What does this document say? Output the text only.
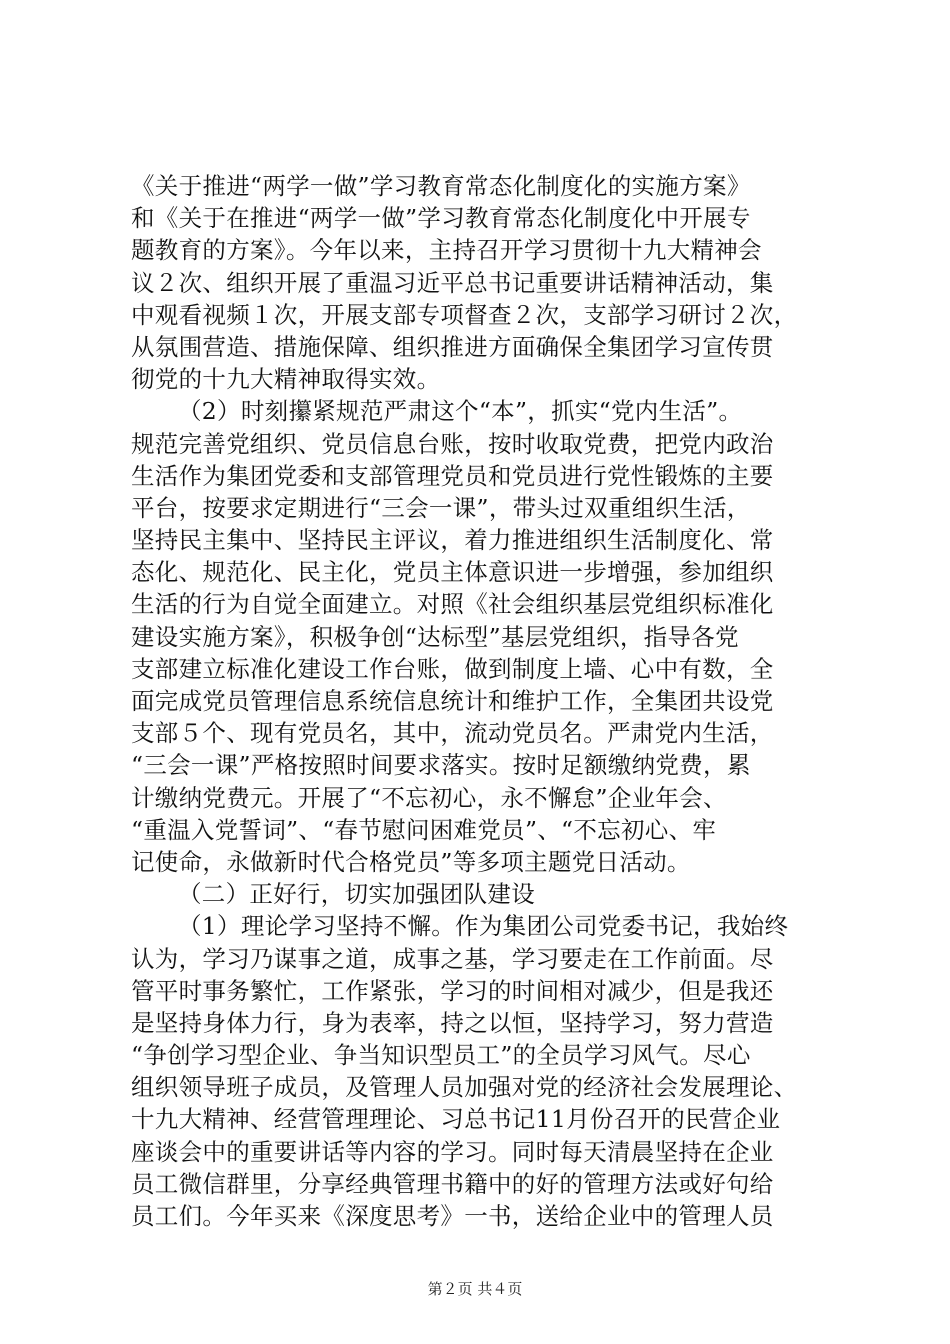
《关于推进“两学一做”学习教育常态化制度化的实施方案》
和《关于在推进“两学一做”学习教育常态化制度化中开展专
题教育的方案》。今年以来，主持召开学习贯彻十九大精神会
议２次、组织开展了重温习近平总书记重要讲话精神活动，集
中观看视频１次，开展支部专项督查２次，支部学习研讨２次，
从氛围营造、措施保障、组织推进方面确保全集团学习宣传贯
彻党的十九大精神取得实效。
（2）时刻攥紧规范严肃这个“本”，抓实“党内生活”。
规范完善党组织、党员信息台账，按时收取党费，把党内政治
生活作为集团党委和支部管理党员和党员进行党性锻炼的主要
平台，按要求定期进行“三会一课”，带头过双重组织生活，
坚持民主集中、坚持民主评议，着力推进组织生活制度化、常
态化、规范化、民主化，党员主体意识进一步增强，参加组织
生活的行为自觉全面建立。对照《社会组织基层党组织标准化
建设实施方案》，积极争创“达标型”基层党组织，指导各党
支部建立标准化建设工作台账，做到制度上墙、心中有数，全
面完成党员管理信息系统信息统计和维护工作，全集团共设党
支部５个、现有党员名，其中，流动党员名。严肃党内生活，
“三会一课”严格按照时间要求落实。按时足额缴纳党费，累
计缴纳党费元。开展了“不忘初心，永不懈怠”企业年会、
“重温入党誓词”、“春节慰问困难党员”、“不忘初心、牢
记使命，永做新时代合格党员”等多项主题党日活动。
（二）正好行，切实加强团队建设
（1）理论学习坚持不懈。作为集团公司党委书记，我始终
认为，学习乃谋事之道，成事之基，学习要走在工作前面。尽
管平时事务繁忙，工作紧张，学习的时间相对减少，但是我还
是坚持身体力行，身为表率，持之以恒，坚持学习，努力营造
“争创学习型企业、争当知识型员工”的全员学习风气。尽心
组织领导班子成员，及管理人员加强对党的经济社会发展理论、
十九大精神、经营管理理论、习总书记11月份召开的民营企业
座谈会中的重要讲话等内容的学习。同时每天清晨坚持在企业
员工微信群里，分享经典管理书籍中的好的管理方法或好句给
员工们。今年买来《深度思考》一书，送给企业中的管理人员
第２页 共４页
